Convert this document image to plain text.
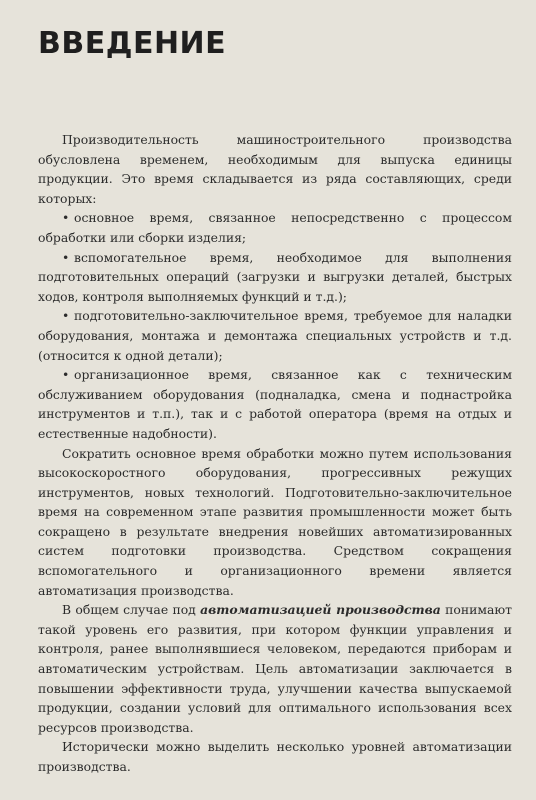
ВВЕДЕНИЕ

Производительность машиностроительного производства обусловлена временем, необходимым для выпуска единицы продукции. Это время складывается из ряда составляющих, среди которых:

• основное время, связанное непосредственно с процессом обработки или сборки изделия;
• вспомогательное время, необходимое для выполнения подготовительных операций (загрузки и выгрузки деталей, быстрых ходов, контроля выполняемых функций и т.д.);
• подготовительно-заключительное время, требуемое для наладки оборудования, монтажа и демонтажа специальных устройств и т.д. (относится к одной детали);
• организационное время, связанное как с техническим обслуживанием оборудования (подналадка, смена и поднастройка инструментов и т.п.), так и с работой оператора (время на отдых и естественные надобности).

Сократить основное время обработки можно путем использования высокоскоростного оборудования, прогрессивных режущих инструментов, новых технологий. Подготовительно-заключительное время на современном этапе развития промышленности может быть сокращено в результате внедрения новейших автоматизированных систем подготовки производства. Средством сокращения вспомогательного и организационного времени является автоматизация производства.

В общем случае под автоматизацией производства понимают такой уровень его развития, при котором функции управления и контроля, ранее выполнявшиеся человеком, передаются приборам и автоматическим устройствам. Цель автоматизации заключается в повышении эффективности труда, улучшении качества выпускаемой продукции, создании условий для оптимального использования всех ресурсов производства.

Исторически можно выделить несколько уровней автоматизации производства.
